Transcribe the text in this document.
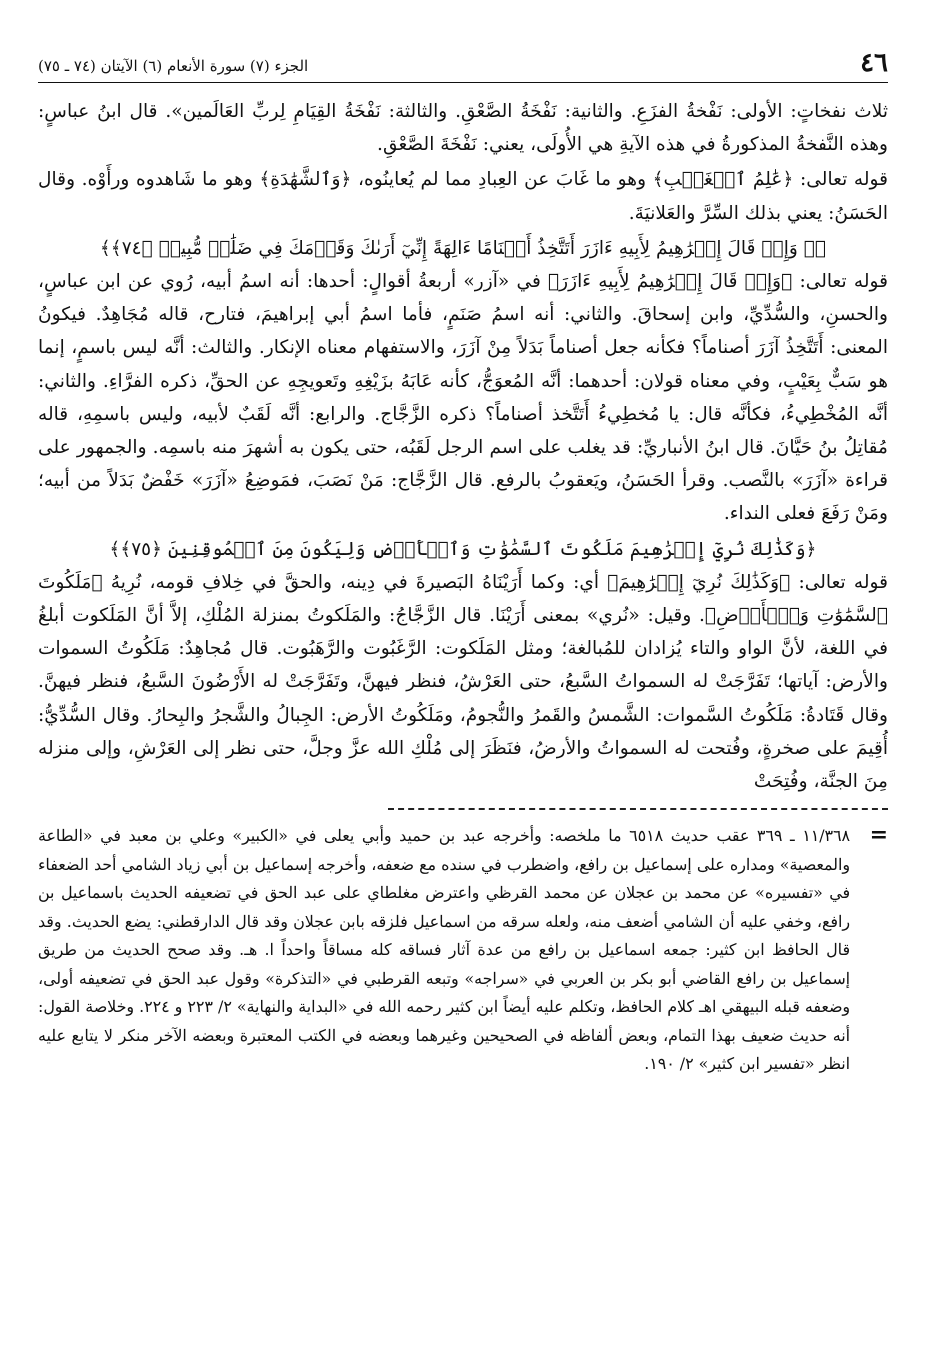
٤٦
الجزء (٧) سورة الأنعام (٦) الآيتان (٧٤ ـ ٧٥)

ثلاث نفخاتٍ: الأولى: نَفْخةُ الفزَعِ. والثانية: نَفْخَةُ الصَّعْقِ. والثالثة: نَفْخَةُ القِيَامِ لِربِّ العَالَمين». قال ابنُ عباسٍ: وهذه النَّفخةُ المذكورةُ في هذه الآيةِ هي الأُولَى، يعني: نَفْخَةَ الصَّعْقِ.

قوله تعالى: ﴿عَٰلِمُ ٱلۡغَيۡبِ﴾ وهو ما غَابَ عن العِبادِ مما لم يُعاينُوه، ﴿وَٱلشَّهَٰدَةِ﴾ وهو ما شَاهدوه ورأَوْه. وقال الحَسَنُ: يعني بذلك السِّرَّ والعَلانيَةَ.

﴿۞ وَإِذۡ قَالَ إِبۡرَٰهِيمُ لِأَبِيهِ ءَازَرَ أَتَتَّخِذُ أَصۡنَامًا ءَالِهَةً إِنِّيٓ أَرَىٰكَ وَقَوۡمَكَ فِي ضَلَٰلٖ مُّبِينٖ ﴿٧٤﴾﴾

قوله تعالى: ﴿وَإِذۡ قَالَ إِبۡرَٰهِيمُ لِأَبِيهِ ءَازَرَ﴾ في «آزر» أربعةُ أقوالٍ: أحدها: أنه اسمُ أبيه، رُوي عن ابن عباسٍ، والحسنِ، والسُّدِّيِّ، وابن إسحاقَ. والثاني: أنه اسمُ صَنَمٍ، فأما اسمُ أبي إبراهيمَ، فتارح، قاله مُجَاهِدٌ. فيكونُ المعنى: أَتَتَّخِذُ آزَرَ أصناماً؟ فكأنه جعل أصناماً بَدَلاً مِنْ آزَرَ، والاستفهام معناه الإنكار. والثالث: أنَّه ليس باسمٍ، إنما هو سَبٌّ بِعَيْبٍ، وفي معناه قولان: أحدهما: أنَّه المُعوَجُّ، كأنه عَابَهُ بزَيْغِهِ وتَعويجِهِ عن الحقِّ، ذكره الفرَّاءِ. والثاني: أنَّه المُخْطِيءُ، فكأنَّه قال: يا مُخطِيءُ أَتَتَّخذ أصناماً؟ ذكره الزَّجَّاج. والرابع: أنَّه لَقَبٌ لأبيه، وليس باسمِهِ، قاله مُقاتِلُ بنُ حَيَّانَ. قال ابنُ الأنباريِّ: قد يغلب على اسم الرجل لَقَبُه، حتى يكون به أشهرَ منه باسمِه. والجمهور على قراءة «آزَرَ» بالنَّصب. وقرأ الحَسَنُ، ويَعقوبُ بالرفع. قال الزَّجَّاج: مَنْ نَصَبَ، فمَوضِعُ «آزَرَ» خَفْضٌ بَدَلاً من أبيه؛ ومَنْ رَفَعَ فعلى النداء.

﴿وَكَذَٰلِكَ نُرِيٓ إِبۡرَٰهِيمَ مَلَكُوتَ ٱلسَّمَٰوَٰتِ وَٱلۡأَرۡضِ وَلِيَكُونَ مِنَ ٱلۡمُوقِنِينَ ﴿٧٥﴾﴾

قوله تعالى: ﴿وَكَذَٰلِكَ نُرِيٓ إِبۡرَٰهِيمَ﴾ أي: وكما أَرَيْنَاهُ البَصيرةَ في دِينه، والحقَّ في خِلافِ قومه، نُرِيهُ ﴿مَلَكُوتَ ٱلسَّمَٰوَٰتِ وَٱلۡأَرۡضِ﴾. وقيل: «نُري» بمعنى أَرَيْنَا. قال الزَّجَّاجُ: والمَلَكوتُ بمنزلة المُلْكِ، إلاَّ أنَّ المَلَكوت أبلغُ في اللغة، لأنَّ الواو والتاء يُزادان للمُبالغة؛ ومثل المَلَكوت: الرَّغَبُوت والرَّهَبُوت. قال مُجاهِدٌ: مَلَكُوتُ السموات والأرض: آياتها؛ تَفَرَّجَتْ له السمواتُ السَّبعُ، حتى العَرْشُ، فنظر فيهنَّ، وتَفَرَّجَتْ له الأَرْضُونَ السَّبعُ، فنظر فيهنَّ. وقال قَتَادةُ: مَلَكُوتُ السَّموات: الشَّمسُ والقَمرُ والنُّجومُ، ومَلَكُوتُ الأرض: الجِبالُ والشَّجرُ والبِحارُ. وقال السُّدِّيُّ: أُقِيمَ على صخرةٍ، وفُتحت له السمواتُ والأرضُ، فنَظَرَ إلى مُلْكِ الله عزَّ وجلَّ، حتى نظر إلى العَرْشِ، وإلى منزله مِنَ الجنَّة، وفُتِحَتْ

=

١١/٣٦٨ ـ ٣٦٩ عقب حديث ٦٥١٨ ما ملخصه: وأخرجه عبد بن حميد وأبي يعلى في «الكبير» وعلي بن معبد في «الطاعة والمعصية» ومداره على إسماعيل بن رافع، واضطرب في سنده مع ضعفه، وأخرجه إسماعيل بن أبي زياد الشامي أحد الضعفاء في «تفسيره» عن محمد بن عجلان عن محمد القرظي واعترض مغلطاي على عبد الحق في تضعيفه الحديث باسماعيل بن رافع، وخفي عليه أن الشامي أضعف منه، ولعله سرقه من اسماعيل فلزقه بابن عجلان وقد قال الدارقطني: يضع الحديث. وقد قال الحافظ ابن كثير: جمعه اسماعيل بن رافع من عدة آثار فساقه كله مساقاً واحداً ا. هـ. وقد صحح الحديث من طريق إسماعيل بن رافع القاضي أبو بكر بن العربي في «سراجه» وتبعه القرطبي في «التذكرة» وقول عبد الحق في تضعيفه أولى، وضعفه قبله البيهقي اهـ كلام الحافظ، وتكلم عليه أيضاً ابن كثير رحمه الله في «البداية والنهاية» ٢/ ٢٢٣ و ٢٢٤. وخلاصة القول: أنه حديث ضعيف بهذا التمام، وبعض ألفاظه في الصحيحين وغيرهما وبعضه في الكتب المعتبرة وبعضه الآخر منكر لا يتابع عليه انظر «تفسير ابن كثير» ٢/ ١٩٠.
